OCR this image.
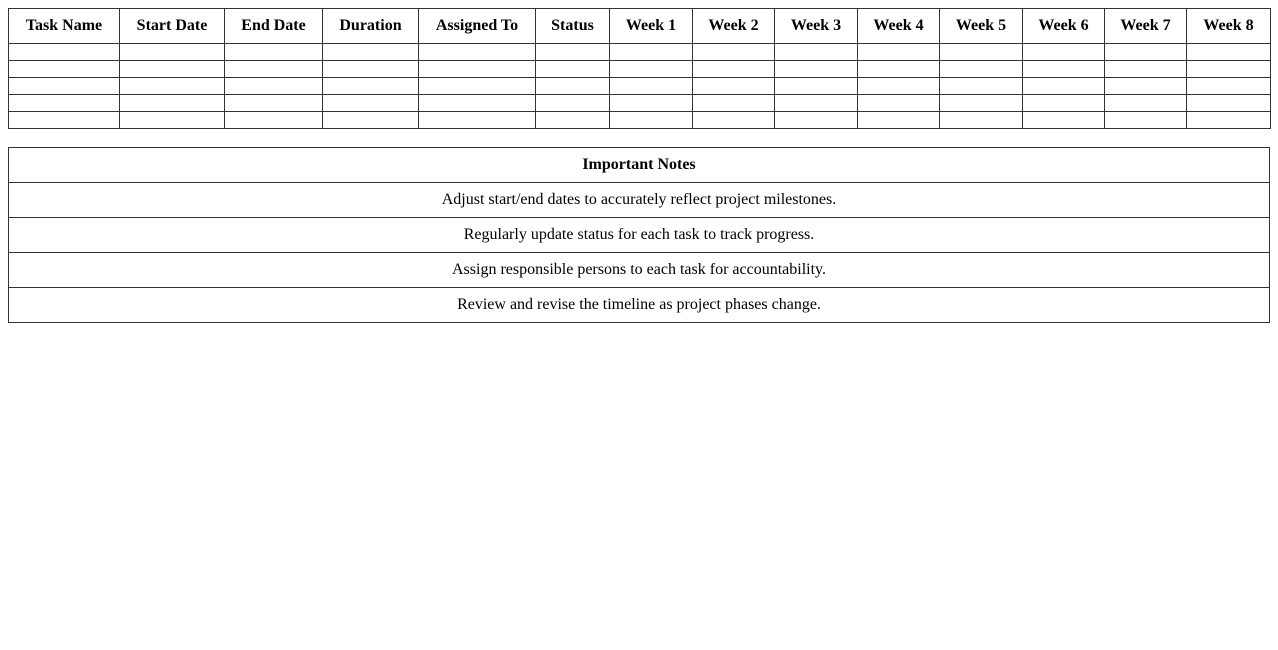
Task Name	Start Date	End Date	Duration	Assigned To	Status	Week 1	Week 2	Week 3	Week 4	Week 5	Week 6	Week 7	Week 8

Important Notes
Adjust start/end dates to accurately reflect project milestones.
Regularly update status for each task to track progress.
Assign responsible persons to each task for accountability.
Review and revise the timeline as project phases change.
